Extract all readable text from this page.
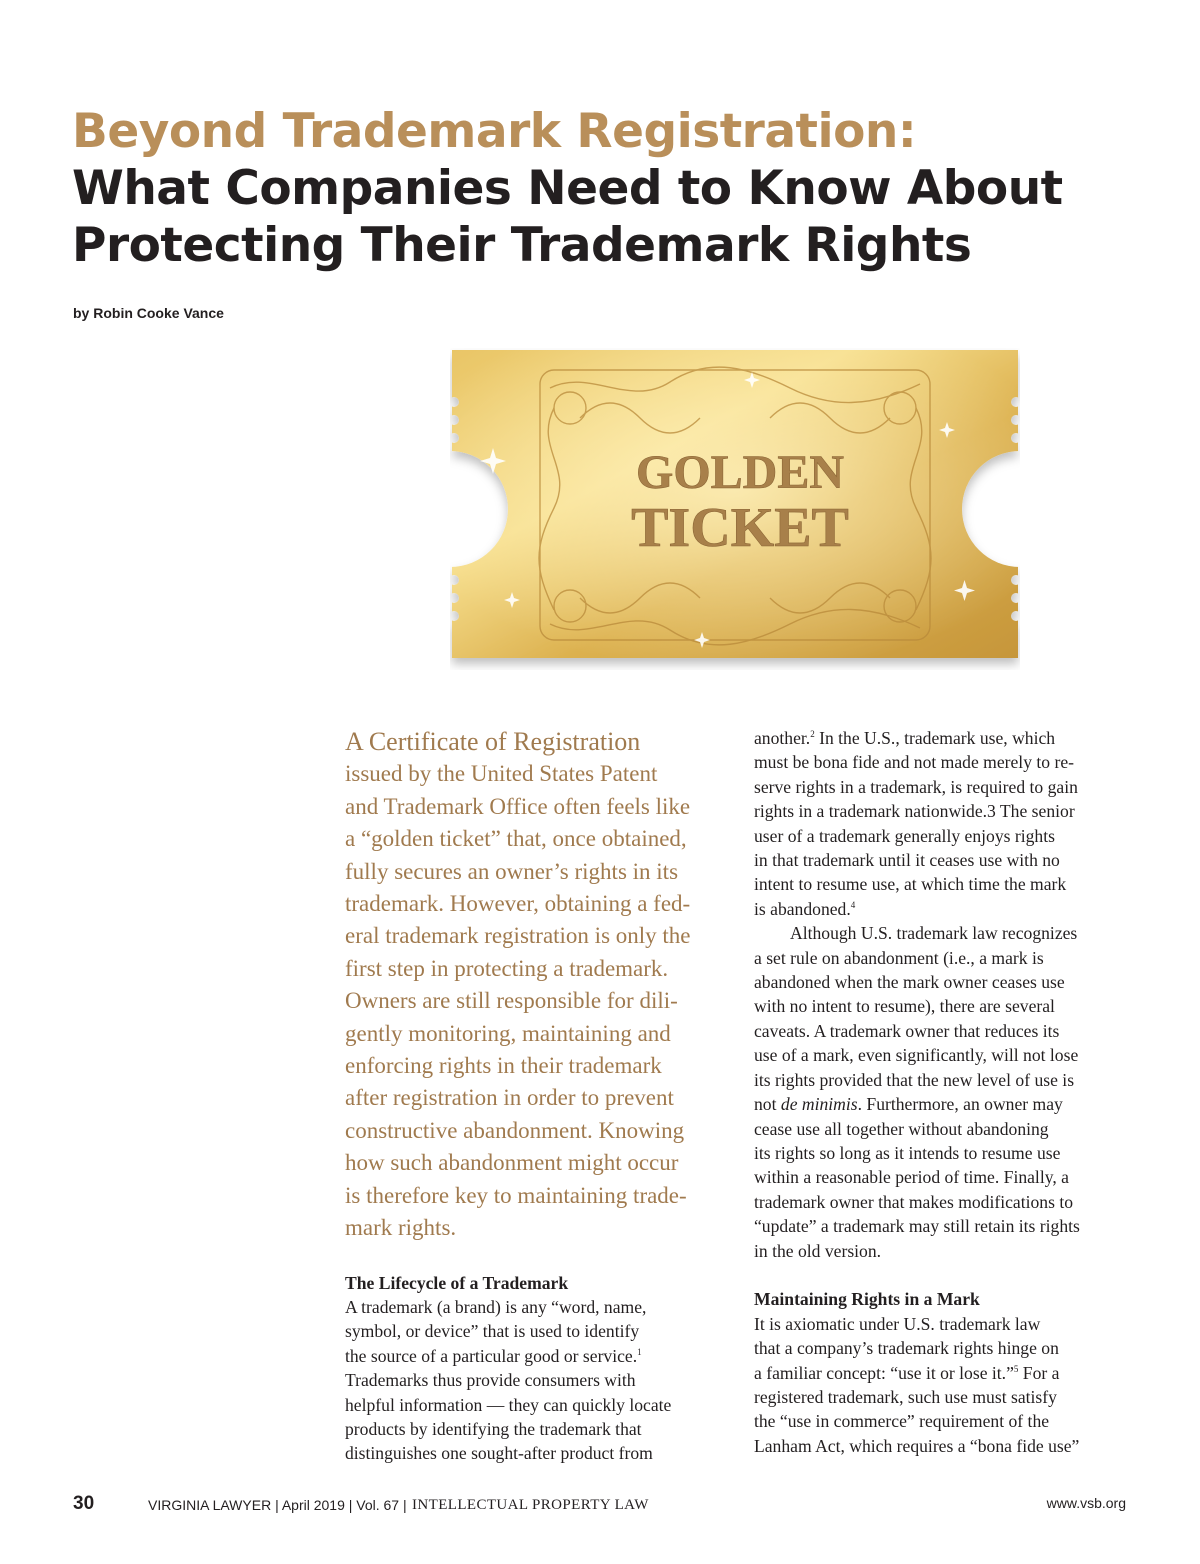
Beyond Trademark Registration:
What Companies Need to Know About
Protecting Their Trademark Rights
by Robin Cooke Vance
GOLDEN
TICKET
A Certificate of Registration
issued by the United States Patent
and Trademark Office often feels like
a “golden ticket” that, once obtained,
fully secures an owner’s rights in its
trademark. However, obtaining a fed-
eral trademark registration is only the
first step in protecting a trademark.
Owners are still responsible for dili-
gently monitoring, maintaining and
enforcing rights in their trademark
after registration in order to prevent
constructive abandonment. Knowing
how such abandonment might occur
is therefore key to maintaining trade-
mark rights.
The Lifecycle of a Trademark
A trademark (a brand) is any “word, name,
symbol, or device” that is used to identify
the source of a particular good or service.$^1$
Trademarks thus provide consumers with
helpful information — they can quickly locate
products by identifying the trademark that
distinguishes one sought-after product from
another.$^2$ In the U.S., trademark use, which
must be bona fide and not made merely to re-
serve rights in a trademark, is required to gain
rights in a trademark nationwide.3 The senior
user of a trademark generally enjoys rights
in that trademark until it ceases use with no
intent to resume use, at which time the mark
is abandoned.$^4$
Although U.S. trademark law recognizes
a set rule on abandonment (i.e., a mark is
abandoned when the mark owner ceases use
with no intent to resume), there are several
caveats. A trademark owner that reduces its
use of a mark, even significantly, will not lose
its rights provided that the new level of use is
not de minimis. Furthermore, an owner may
cease use all together without abandoning
its rights so long as it intends to resume use
within a reasonable period of time. Finally, a
trademark owner that makes modifications to
“update” a trademark may still retain its rights
in the old version.
Maintaining Rights in a Mark
It is axiomatic under U.S. trademark law
that a company’s trademark rights hinge on
a familiar concept: “use it or lose it.”$^5$ For a
registered trademark, such use must satisfy
the “use in commerce” requirement of the
Lanham Act, which requires a “bona fide use”
30	VIRGINIA LAWYER | April 2019 | Vol. 67 | INTELLECTUAL PROPERTY LAW	www.vsb.org
